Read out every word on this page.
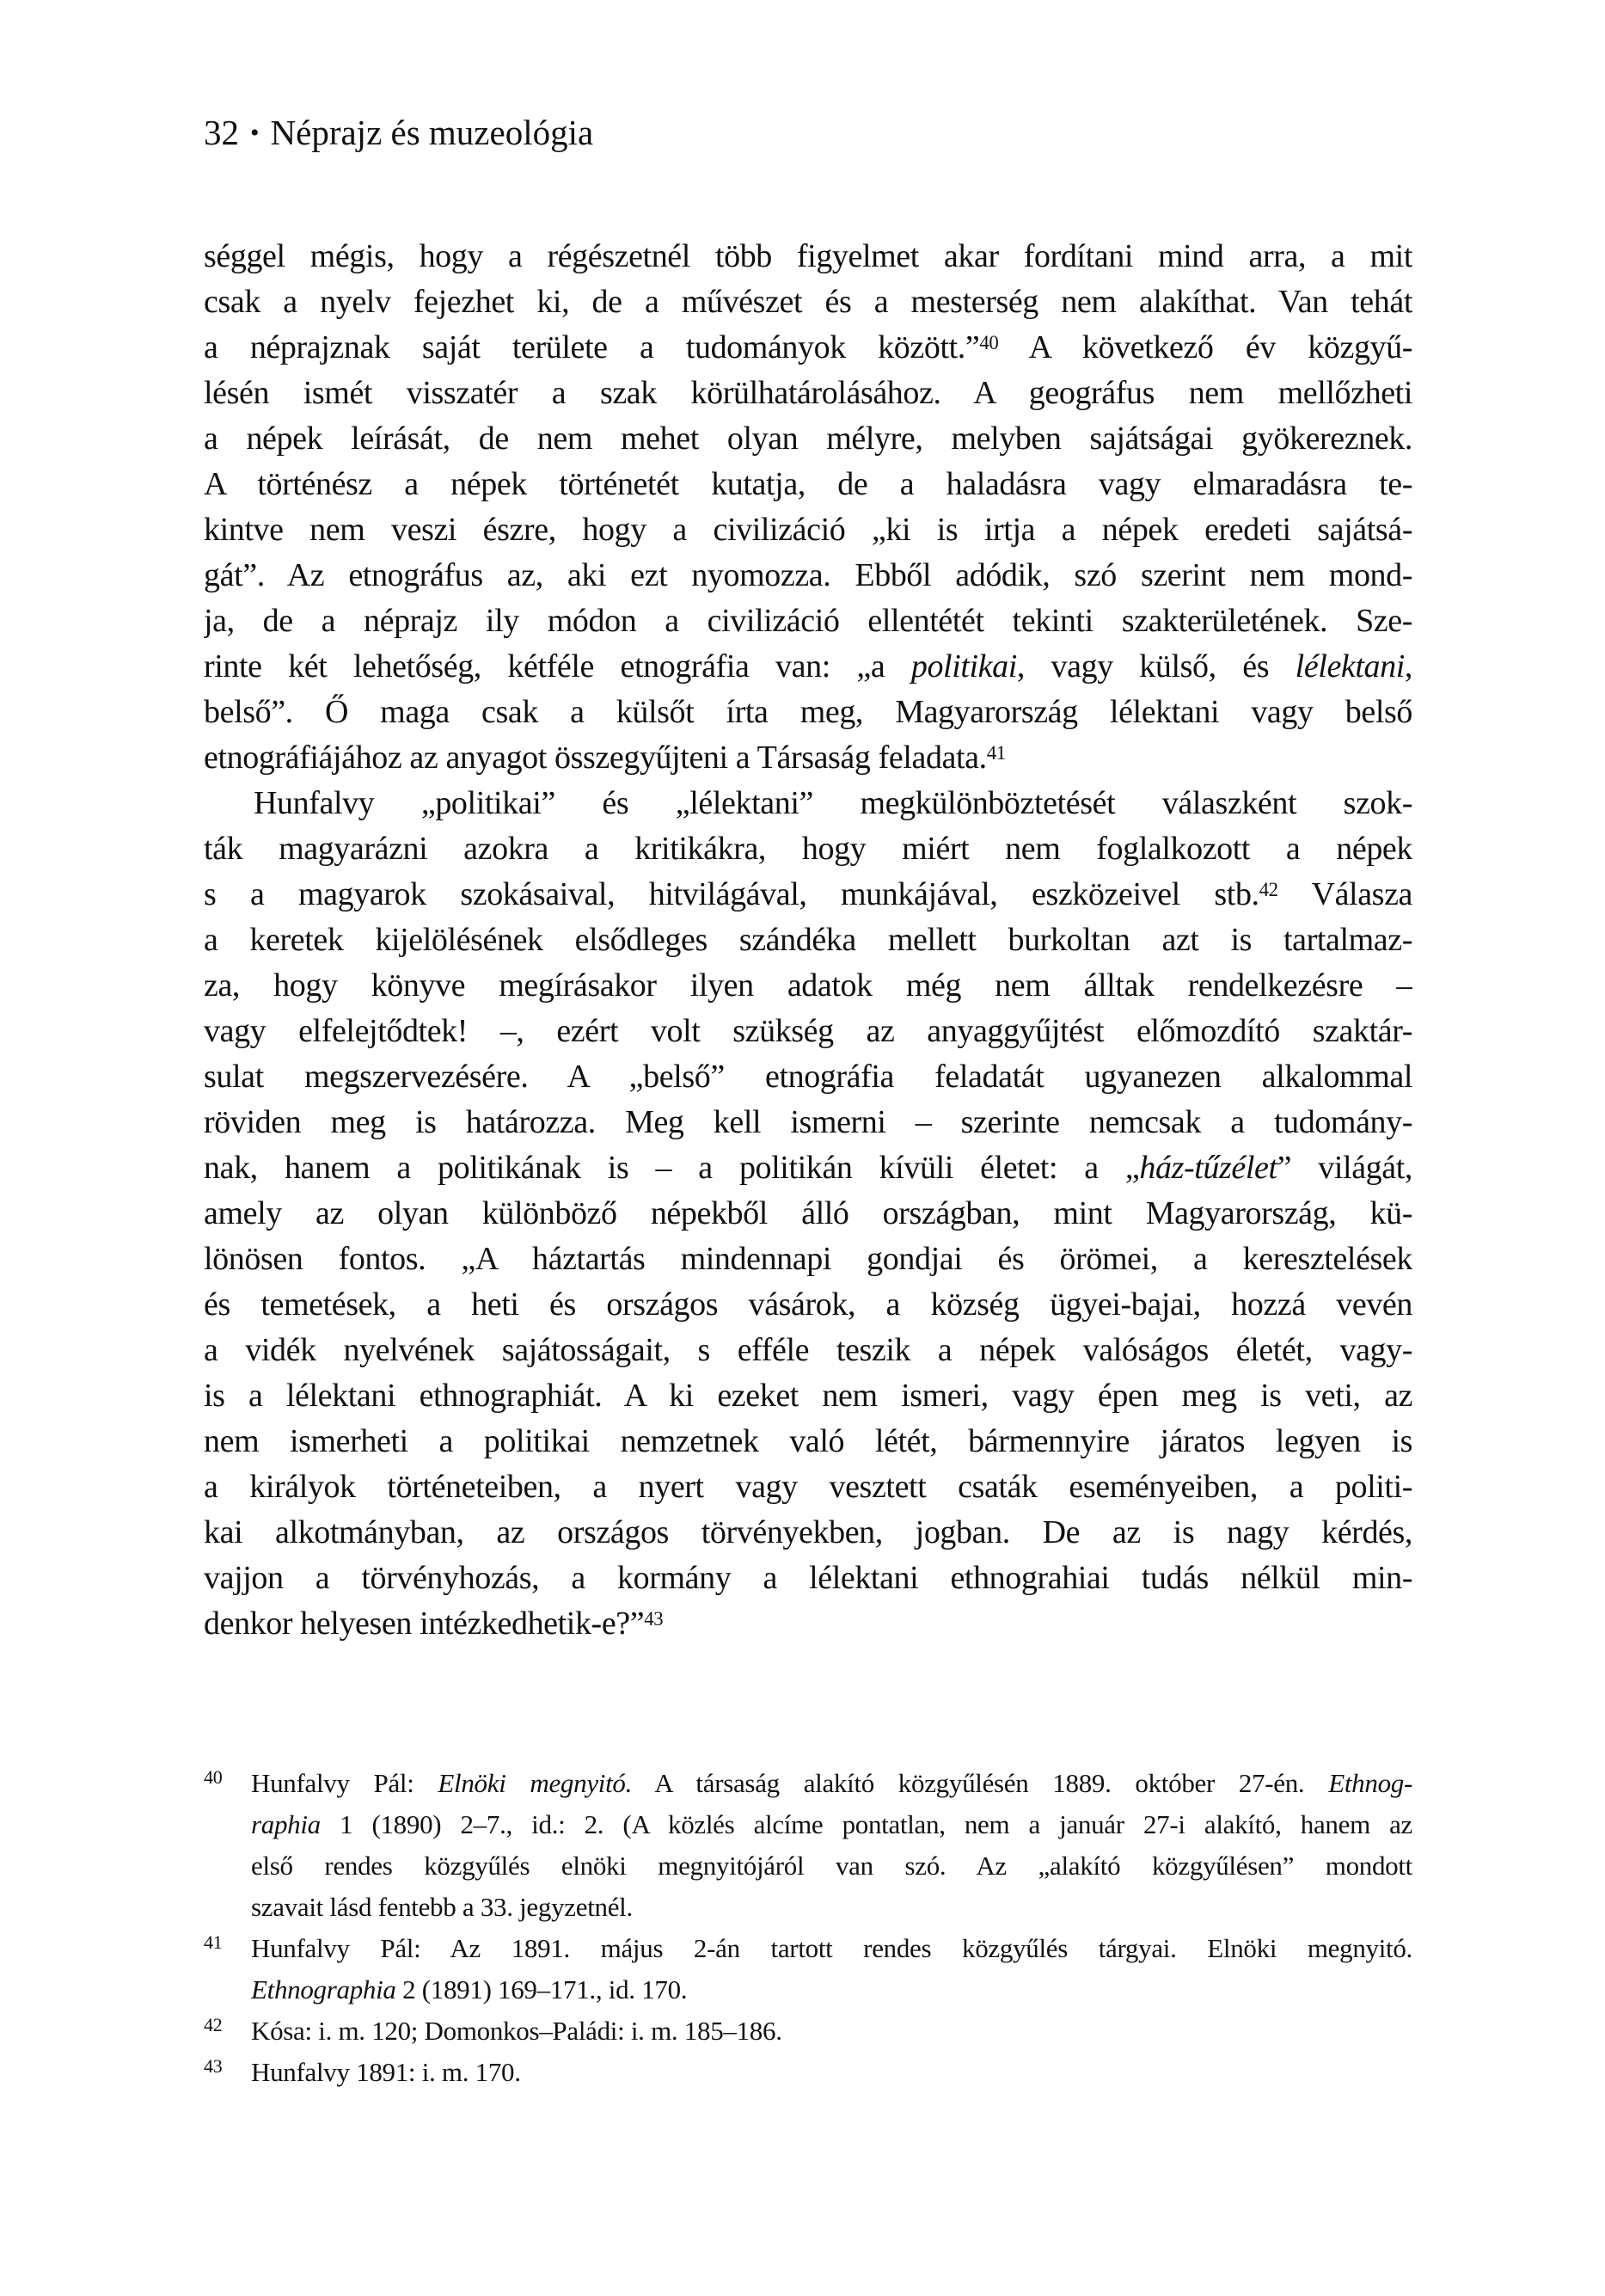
32 • Néprajz és muzeológia
séggel mégis, hogy a régészetnél több figyelmet akar fordítani mind arra, a mit
csak a nyelv fejezhet ki, de a művészet és a mesterség nem alakíthat. Van tehát
a néprajznak saját területe a tudományok között.”$^{40}$ A következő év közgyű-
lésén ismét visszatér a szak körülhatárolásához. A geográfus nem mellőzheti
a népek leírását, de nem mehet olyan mélyre, melyben sajátságai gyökereznek.
A történész a népek történetét kutatja, de a haladásra vagy elmaradásra te-
kintve nem veszi észre, hogy a civilizáció „ki is irtja a népek eredeti sajátsá-
gát”. Az etnográfus az, aki ezt nyomozza. Ebből adódik, szó szerint nem mond-
ja, de a néprajz ily módon a civilizáció ellentétét tekinti szakterületének. Sze-
rinte két lehetőség, kétféle etnográfia van: „a politikai, vagy külső, és lélektani,
belső”. Ő maga csak a külsőt írta meg, Magyarország lélektani vagy belső
etnográfiájához az anyagot összegyűjteni a Társaság feladata.$^{41}$
Hunfalvy „politikai” és „lélektani” megkülönböztetését válaszként szok-
ták magyarázni azokra a kritikákra, hogy miért nem foglalkozott a népek
s a magyarok szokásaival, hitvilágával, munkájával, eszközeivel stb.$^{42}$ Válasza
a keretek kijelölésének elsődleges szándéka mellett burkoltan azt is tartalmaz-
za, hogy könyve megírásakor ilyen adatok még nem álltak rendelkezésre –
vagy elfelejtődtek! –, ezért volt szükség az anyaggyűjtést előmozdító szaktár-
sulat megszervezésére. A „belső” etnográfia feladatát ugyanezen alkalommal
röviden meg is határozza. Meg kell ismerni – szerinte nemcsak a tudomány-
nak, hanem a politikának is – a politikán kívüli életet: a „ház-tűzélet” világát,
amely az olyan különböző népekből álló országban, mint Magyarország, kü-
lönösen fontos. „A háztartás mindennapi gondjai és örömei, a keresztelések
és temetések, a heti és országos vásárok, a község ügyei-bajai, hozzá vevén
a vidék nyelvének sajátosságait, s efféle teszik a népek valóságos életét, vagy-
is a lélektani ethnographiát. A ki ezeket nem ismeri, vagy épen meg is veti, az
nem ismerheti a politikai nemzetnek való létét, bármennyire járatos legyen is
a királyok történeteiben, a nyert vagy vesztett csaták eseményeiben, a politi-
kai alkotmányban, az országos törvényekben, jogban. De az is nagy kérdés,
vajjon a törvényhozás, a kormány a lélektani ethnograhiai tudás nélkül min-
denkor helyesen intézkedhetik-e?”$^{43}$
40 Hunfalvy Pál: Elnöki megnyitó. A társaság alakító közgyűlésén 1889. október 27-én. Ethnog-
raphia 1 (1890) 2–7., id.: 2. (A közlés alcíme pontatlan, nem a január 27-i alakító, hanem az
első rendes közgyűlés elnöki megnyitójáról van szó. Az „alakító közgyűlésen” mondott
szavait lásd fentebb a 33. jegyzetnél.
41 Hunfalvy Pál: Az 1891. május 2-án tartott rendes közgyűlés tárgyai. Elnöki megnyitó.
Ethnographia 2 (1891) 169–171., id. 170.
42 Kósa: i. m. 120; Domonkos–Paládi: i. m. 185–186.
43 Hunfalvy 1891: i. m. 170.
